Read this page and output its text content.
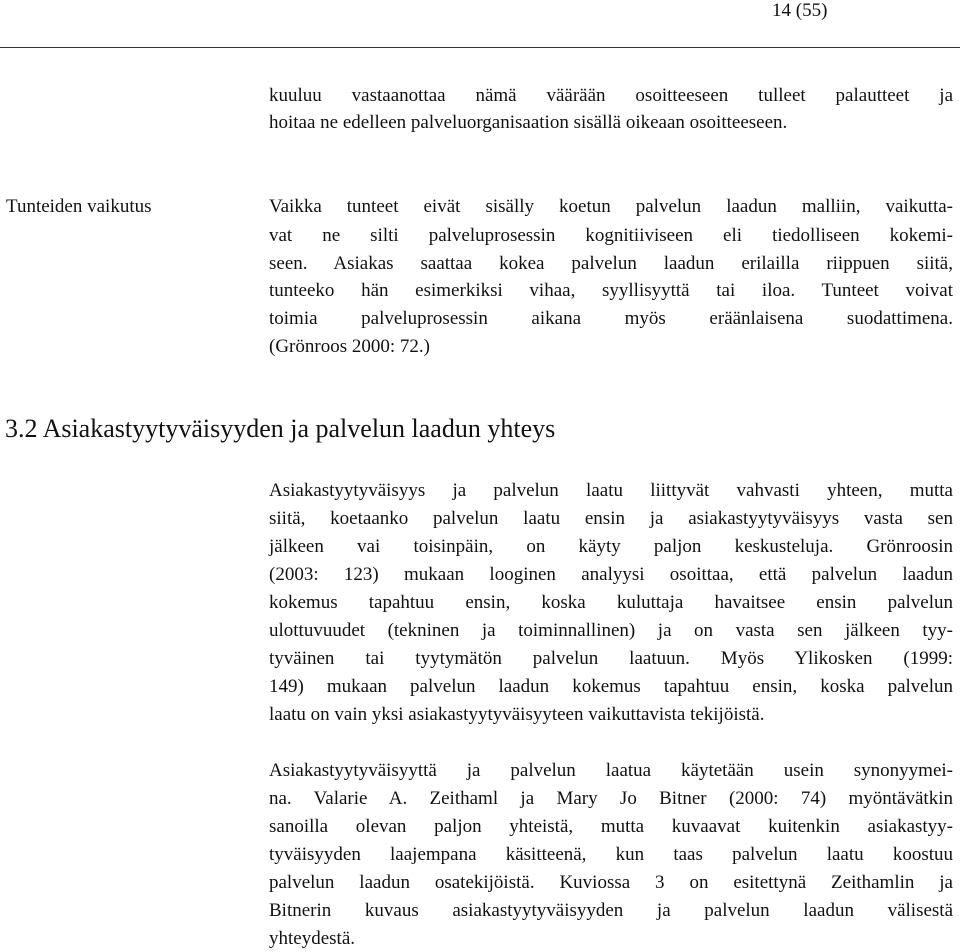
14 (55)
kuuluu vastaanottaa nämä väärään osoitteeseen tulleet palautteet ja
hoitaa ne edelleen palveluorganisaation sisällä oikeaan osoitteeseen.
Tunteiden vaikutus	Vaikka tunteet eivät sisälly koetun palvelun laadun malliin, vaikutta-
vat ne silti palveluprosessin kognitiiviseen eli tiedolliseen kokemi-
seen. Asiakas saattaa kokea palvelun laadun erilailla riippuen siitä,
tunteeko hän esimerkiksi vihaa, syyllisyyttä tai iloa. Tunteet voivat
toimia palveluprosessin aikana myös eräänlaisena suodattimena.
(Grönroos 2000: 72.)
3.2 Asiakastyytyväisyyden ja palvelun laadun yhteys
Asiakastyytyväisyys ja palvelun laatu liittyvät vahvasti yhteen, mutta
siitä, koetaanko palvelun laatu ensin ja asiakastyytyväisyys vasta sen
jälkeen vai toisinpäin, on käyty paljon keskusteluja. Grönroosin
(2003: 123) mukaan looginen analyysi osoittaa, että palvelun laadun
kokemus tapahtuu ensin, koska kuluttaja havaitsee ensin palvelun
ulottuvuudet (tekninen ja toiminnallinen) ja on vasta sen jälkeen tyy-
tyväinen tai tyytymätön palvelun laatuun. Myös Ylikosken (1999:
149) mukaan palvelun laadun kokemus tapahtuu ensin, koska palvelun
laatu on vain yksi asiakastyytyväisyyteen vaikuttavista tekijöistä.
Asiakastyytyväisyyttä ja palvelun laatua käytetään usein synonyymei-
na. Valarie A. Zeithaml ja Mary Jo Bitner (2000: 74) myöntävätkin
sanoilla olevan paljon yhteistä, mutta kuvaavat kuitenkin asiakastyy-
tyväisyyden laajempana käsitteenä, kun taas palvelun laatu koostuu
palvelun laadun osatekijöistä. Kuviossa 3 on esitettynä Zeithamlin ja
Bitnerin kuvaus asiakastyytyväisyyden ja palvelun laadun välisestä
yhteydestä.
